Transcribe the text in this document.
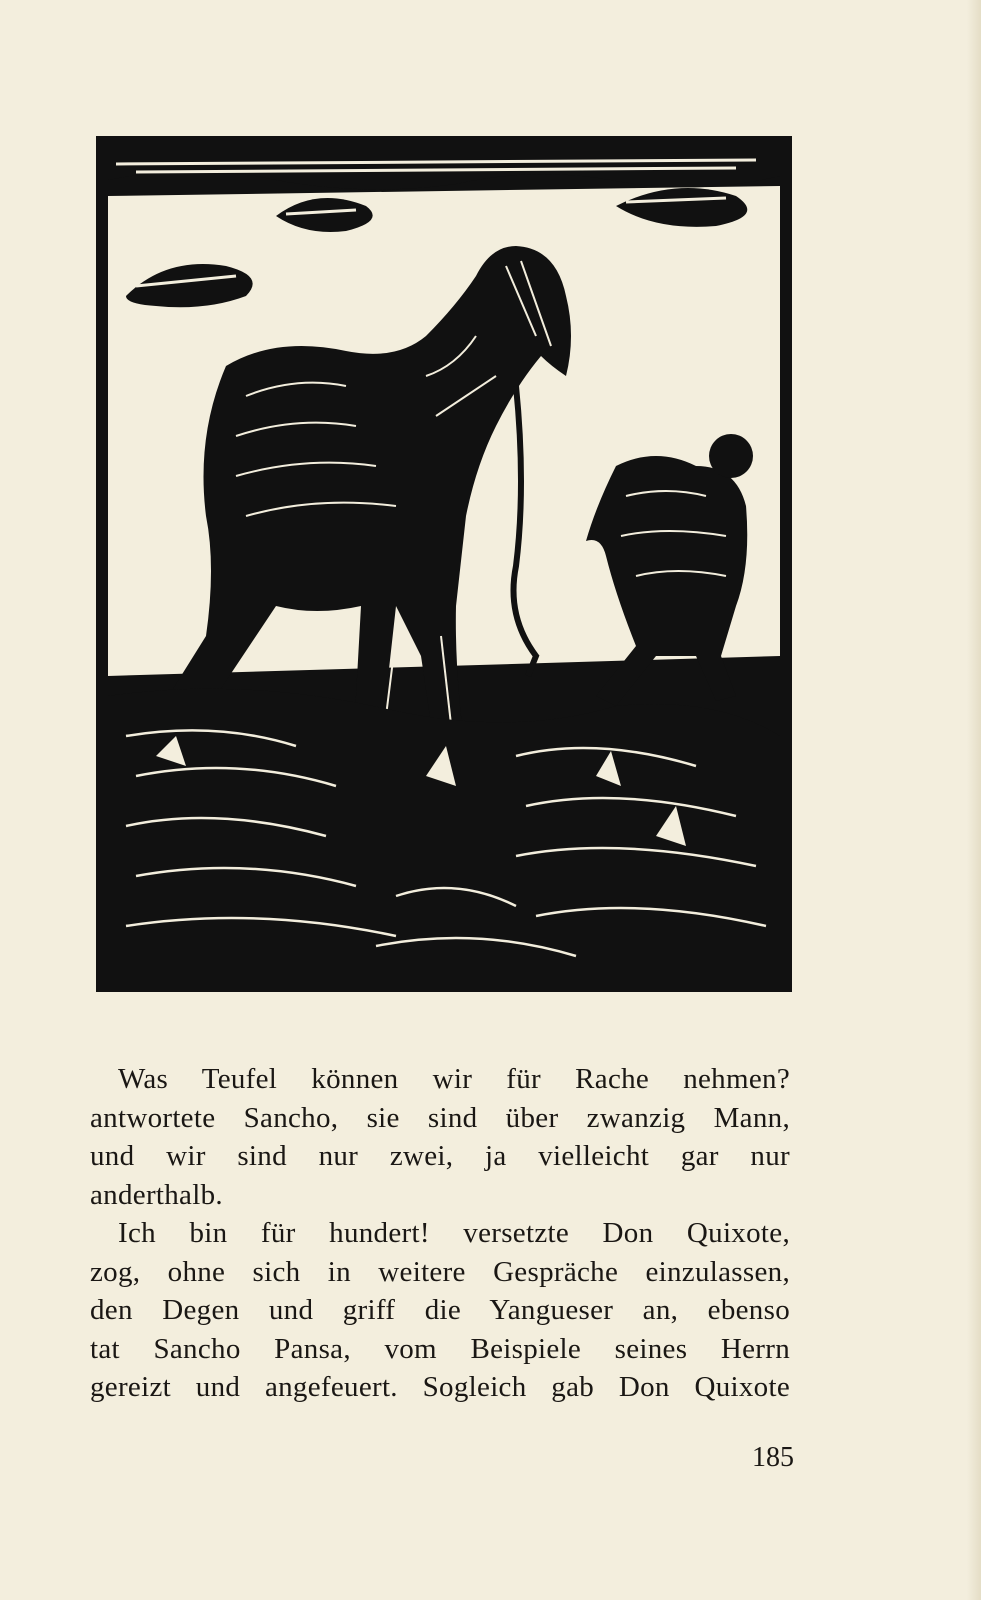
Was Teufel können wir für Rache nehmen?
antwortete Sancho, sie sind über zwanzig Mann,
und wir sind nur zwei, ja vielleicht gar nur
anderthalb.
Ich bin für hundert! versetzte Don Quixote,
zog, ohne sich in weitere Gespräche einzulassen,
den Degen und griff die Yangueser an, ebenso
tat Sancho Pansa, vom Beispiele seines Herrn
gereizt und angefeuert. Sogleich gab Don Quixote
185
